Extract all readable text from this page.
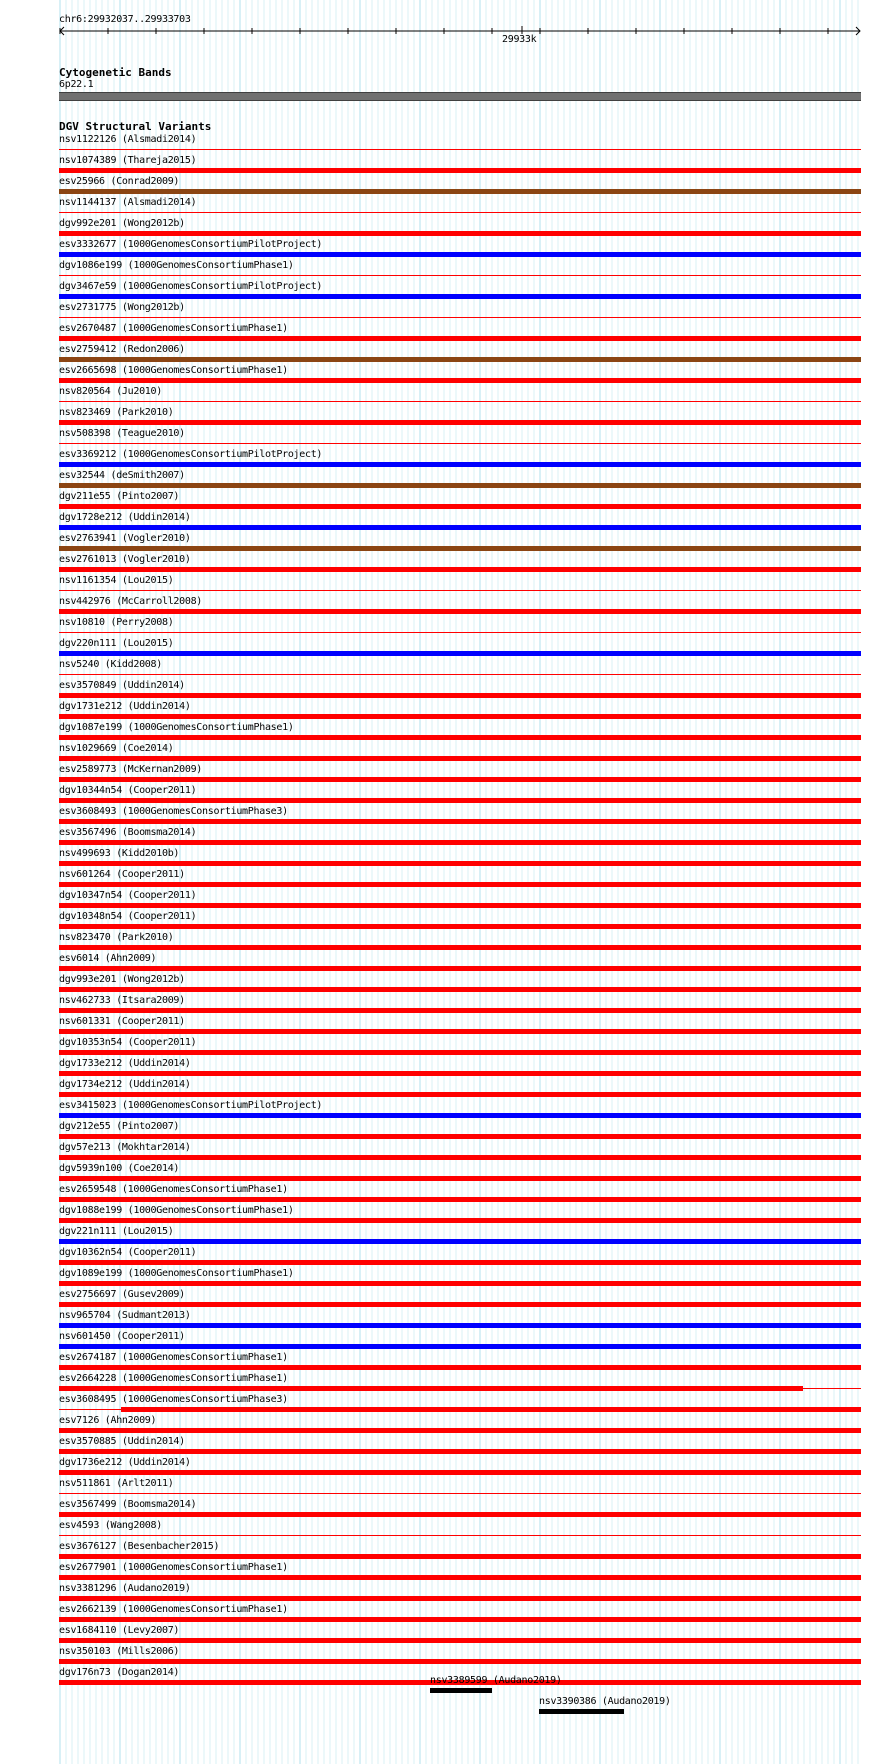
chr6:29932037..29933703
29933k
Cytogenetic Bands
6p22.1
DGV Structural Variants
nsv1122126 (Alsmadi2014)
nsv1074389 (Thareja2015)
esv25966 (Conrad2009)
nsv1144137 (Alsmadi2014)
dgv992e201 (Wong2012b)
esv3332677 (1000GenomesConsortiumPilotProject)
dgv1086e199 (1000GenomesConsortiumPhase1)
dgv3467e59 (1000GenomesConsortiumPilotProject)
esv2731775 (Wong2012b)
esv2670487 (1000GenomesConsortiumPhase1)
esv2759412 (Redon2006)
esv2665698 (1000GenomesConsortiumPhase1)
nsv820564 (Ju2010)
nsv823469 (Park2010)
nsv508398 (Teague2010)
esv3369212 (1000GenomesConsortiumPilotProject)
esv32544 (deSmith2007)
dgv211e55 (Pinto2007)
dgv1728e212 (Uddin2014)
esv2763941 (Vogler2010)
esv2761013 (Vogler2010)
nsv1161354 (Lou2015)
nsv442976 (McCarroll2008)
nsv10810 (Perry2008)
dgv220n111 (Lou2015)
nsv5240 (Kidd2008)
esv3570849 (Uddin2014)
dgv1731e212 (Uddin2014)
dgv1087e199 (1000GenomesConsortiumPhase1)
nsv1029669 (Coe2014)
esv2589773 (McKernan2009)
dgv10344n54 (Cooper2011)
esv3608493 (1000GenomesConsortiumPhase3)
esv3567496 (Boomsma2014)
nsv499693 (Kidd2010b)
nsv601264 (Cooper2011)
dgv10347n54 (Cooper2011)
dgv10348n54 (Cooper2011)
nsv823470 (Park2010)
esv6014 (Ahn2009)
dgv993e201 (Wong2012b)
nsv462733 (Itsara2009)
nsv601331 (Cooper2011)
dgv10353n54 (Cooper2011)
dgv1733e212 (Uddin2014)
dgv1734e212 (Uddin2014)
esv3415023 (1000GenomesConsortiumPilotProject)
dgv212e55 (Pinto2007)
dgv57e213 (Mokhtar2014)
dgv5939n100 (Coe2014)
esv2659548 (1000GenomesConsortiumPhase1)
dgv1088e199 (1000GenomesConsortiumPhase1)
dgv221n111 (Lou2015)
dgv10362n54 (Cooper2011)
dgv1089e199 (1000GenomesConsortiumPhase1)
esv2756697 (Gusev2009)
nsv965704 (Sudmant2013)
nsv601450 (Cooper2011)
esv2674187 (1000GenomesConsortiumPhase1)
esv2664228 (1000GenomesConsortiumPhase1)
esv3608495 (1000GenomesConsortiumPhase3)
esv7126 (Ahn2009)
esv3570885 (Uddin2014)
dgv1736e212 (Uddin2014)
nsv511861 (Arlt2011)
esv3567499 (Boomsma2014)
esv4593 (Wang2008)
esv3676127 (Besenbacher2015)
esv2677901 (1000GenomesConsortiumPhase1)
nsv3381296 (Audano2019)
esv2662139 (1000GenomesConsortiumPhase1)
esv1684110 (Levy2007)
nsv350103 (Mills2006)
dgv176n73 (Dogan2014)
nsv3389599 (Audano2019)
nsv3390386 (Audano2019)
